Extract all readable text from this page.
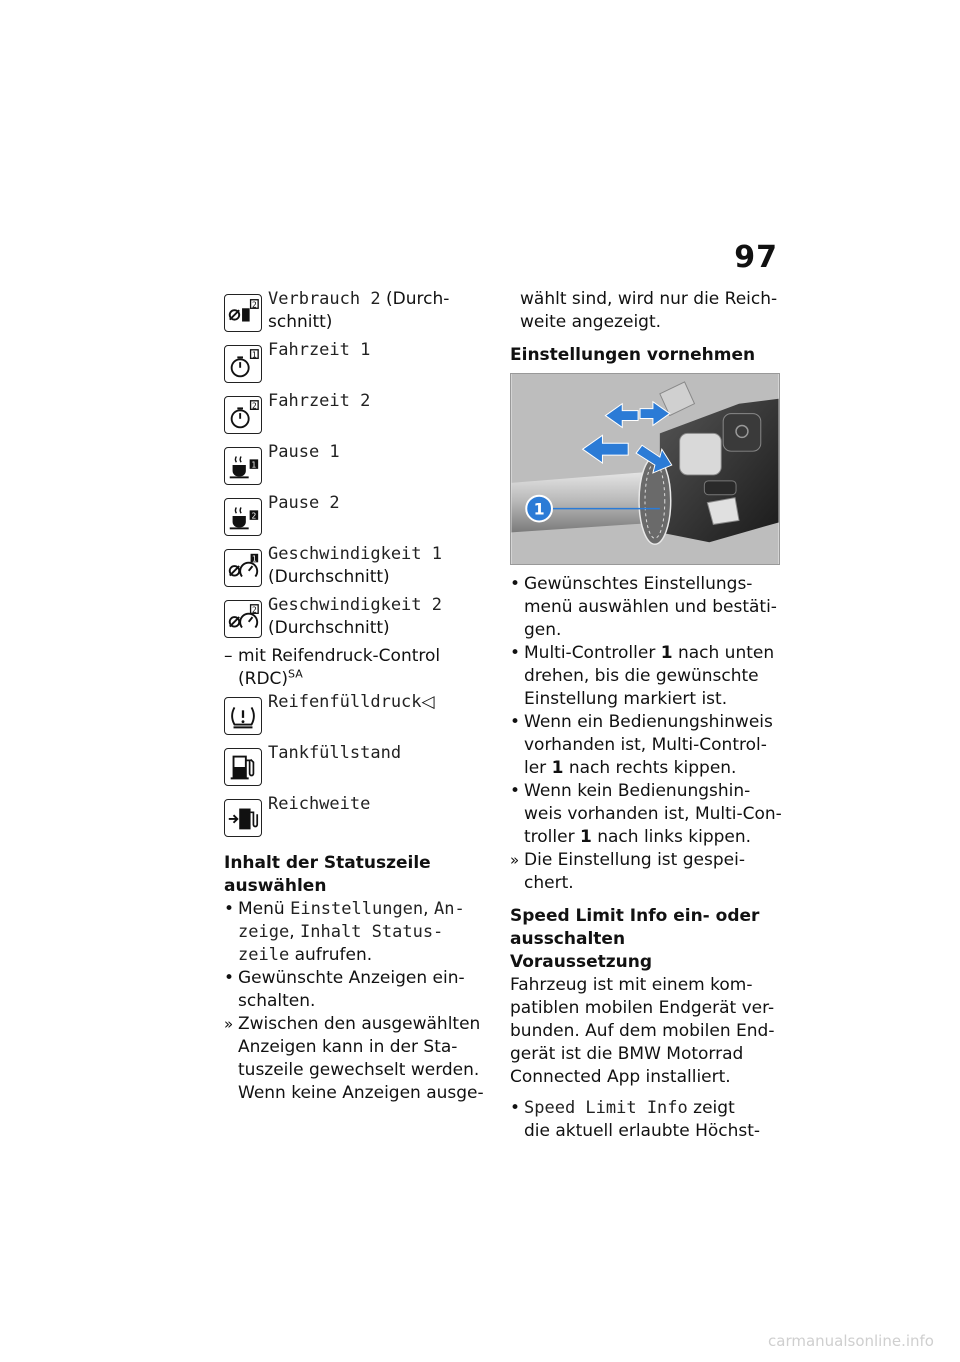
97
2 Verbrauch 2 (Durch-
schnitt)
1 Fahrzeit 1
2 Fahrzeit 2
1
Pause 1
2
Pause 2
1 Geschwindigkeit 1
(Durchschnitt)
2 Geschwindigkeit 2
(Durchschnitt)
– mit Reifendruck-Control
(RDC)$^{SA}$
Reifenfülldruck◁
Tankfüllstand
Reichweite

Inhalt der Statuszeile
auswählen

• Menü Einstellungen, An-
zeige, Inhalt Status-
zeile aufrufen.
• Gewünschte Anzeigen ein-
schalten.
» Zwischen den ausgewählten
Anzeigen kann in der Sta-
tuszeile gewechselt werden.
Wenn keine Anzeigen ausge-

wählt sind, wird nur die Reich-
weite angezeigt.

Einstellungen vornehmen

1
• Gewünschtes Einstellungs-
menü auswählen und bestäti-
gen.
• Multi-Controller 1 nach unten
drehen, bis die gewünschte
Einstellung markiert ist.
• Wenn ein Bedienungshinweis
vorhanden ist, Multi-Control-
ler 1 nach rechts kippen.
• Wenn kein Bedienungshin-
weis vorhanden ist, Multi-Con-
troller 1 nach links kippen.
» Die Einstellung ist gespei-
chert.

Speed Limit Info ein- oder
ausschalten

Voraussetzung

Fahrzeug ist mit einem kom-
patiblen mobilen Endgerät ver-
bunden. Auf dem mobilen End-
gerät ist die BMW Motorrad
Connected App installiert.

• Speed Limit Info zeigt
die aktuell erlaubte Höchst-
carmanualsonline.info
